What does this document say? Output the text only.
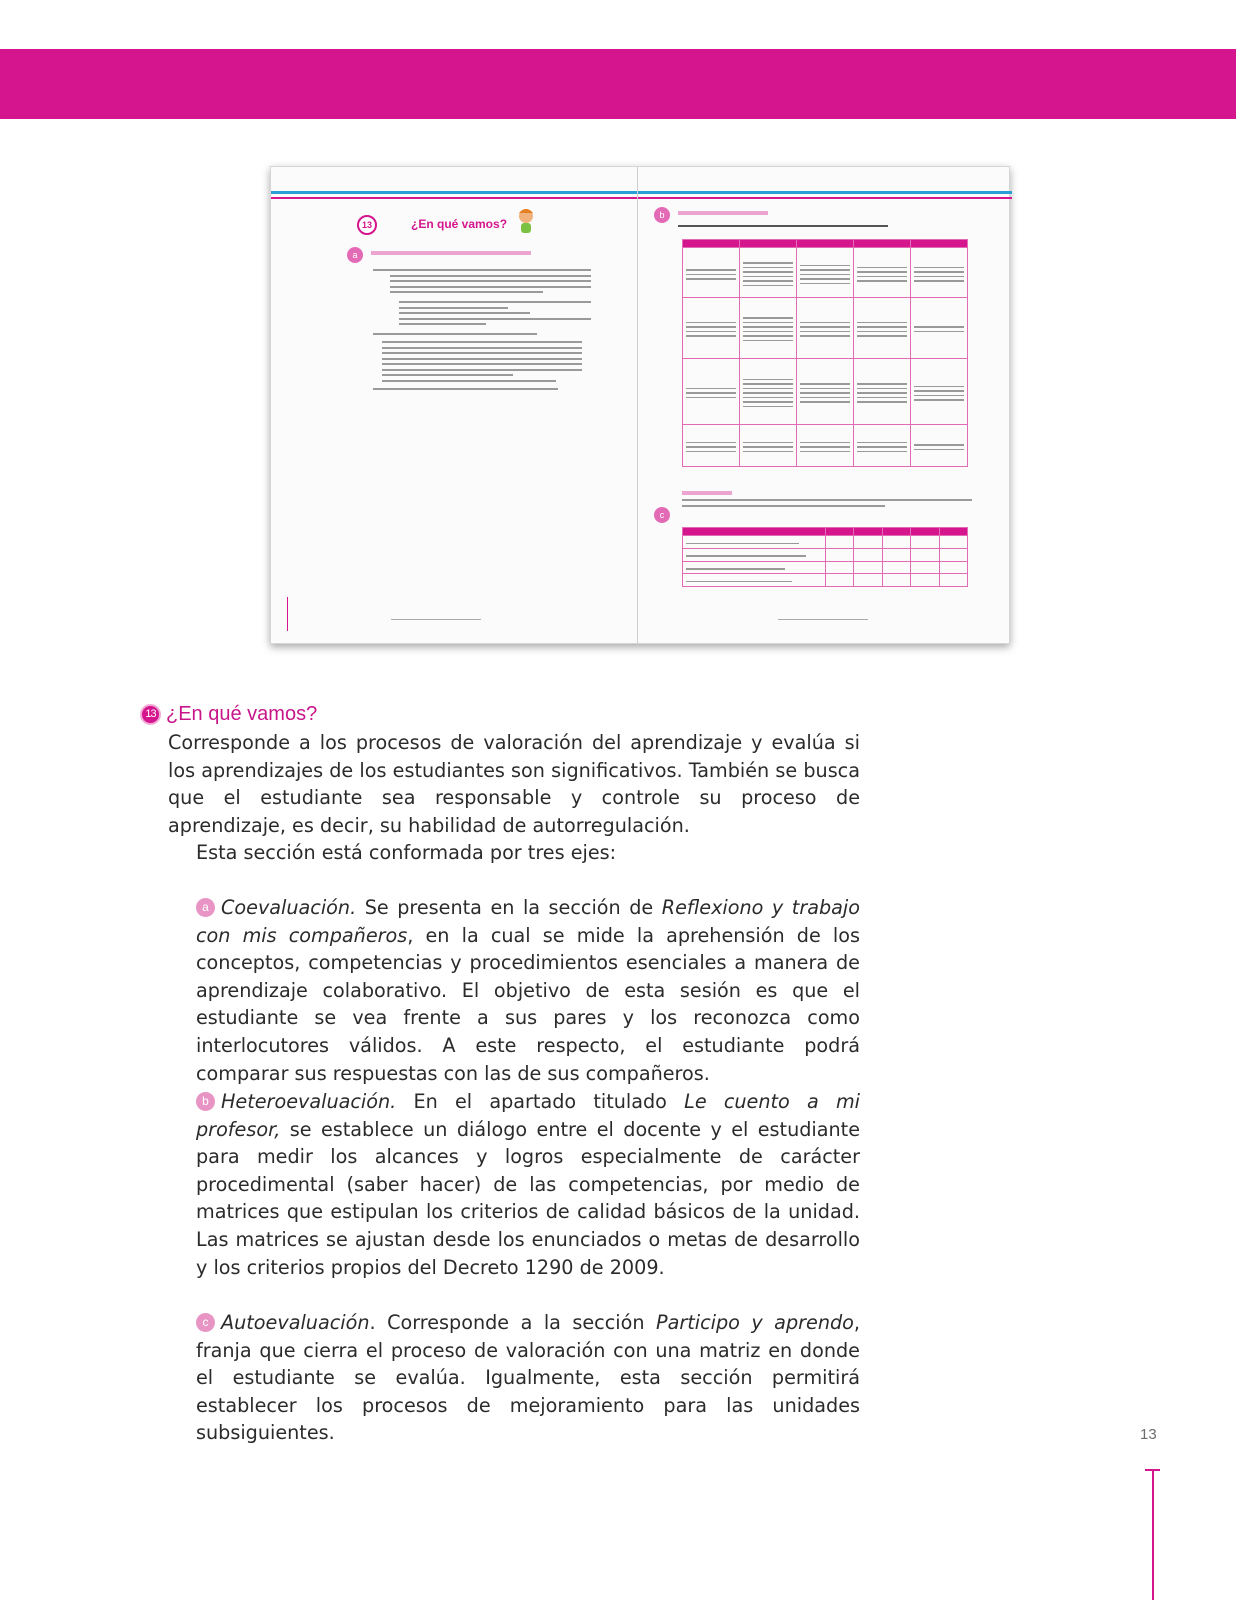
13	¿En qué vamos?
a
b

c

13 ¿En qué vamos?

Corresponde a los procesos de valoración del aprendizaje y evalúa si los aprendizajes de los estudiantes son significativos. También se busca que el estudiante sea responsable y controle su proceso de aprendizaje, es decir, su habilidad de autorregulación.

Esta sección está conformada por tres ejes:

a Coevaluación. Se presenta en la sección de Reflexiono y trabajo con mis compañeros, en la cual se mide la aprehensión de los conceptos, competencias y procedimientos esenciales a manera de aprendizaje colaborativo. El objetivo de esta sesión es que el estudiante se vea frente a sus pares y los reconozca como interlocutores válidos. A este respecto, el estudiante podrá comparar sus respuestas con las de sus compañeros.

b Heteroevaluación. En el apartado titulado Le cuento a mi profesor, se establece un diálogo entre el docente y el estudiante para medir los alcances y logros especialmente de carácter procedimental (saber hacer) de las competencias, por medio de matrices que estipulan los criterios de calidad básicos de la unidad. Las matrices se ajustan desde los enunciados o metas de desarrollo y los criterios propios del Decreto 1290 de 2009.

c Autoevaluación. Corresponde a la sección Participo y aprendo, franja que cierra el proceso de valoración con una matriz en donde el estudiante se evalúa. Igualmente, esta sección permitirá establecer los procesos de mejoramiento para las unidades subsiguientes.	13
